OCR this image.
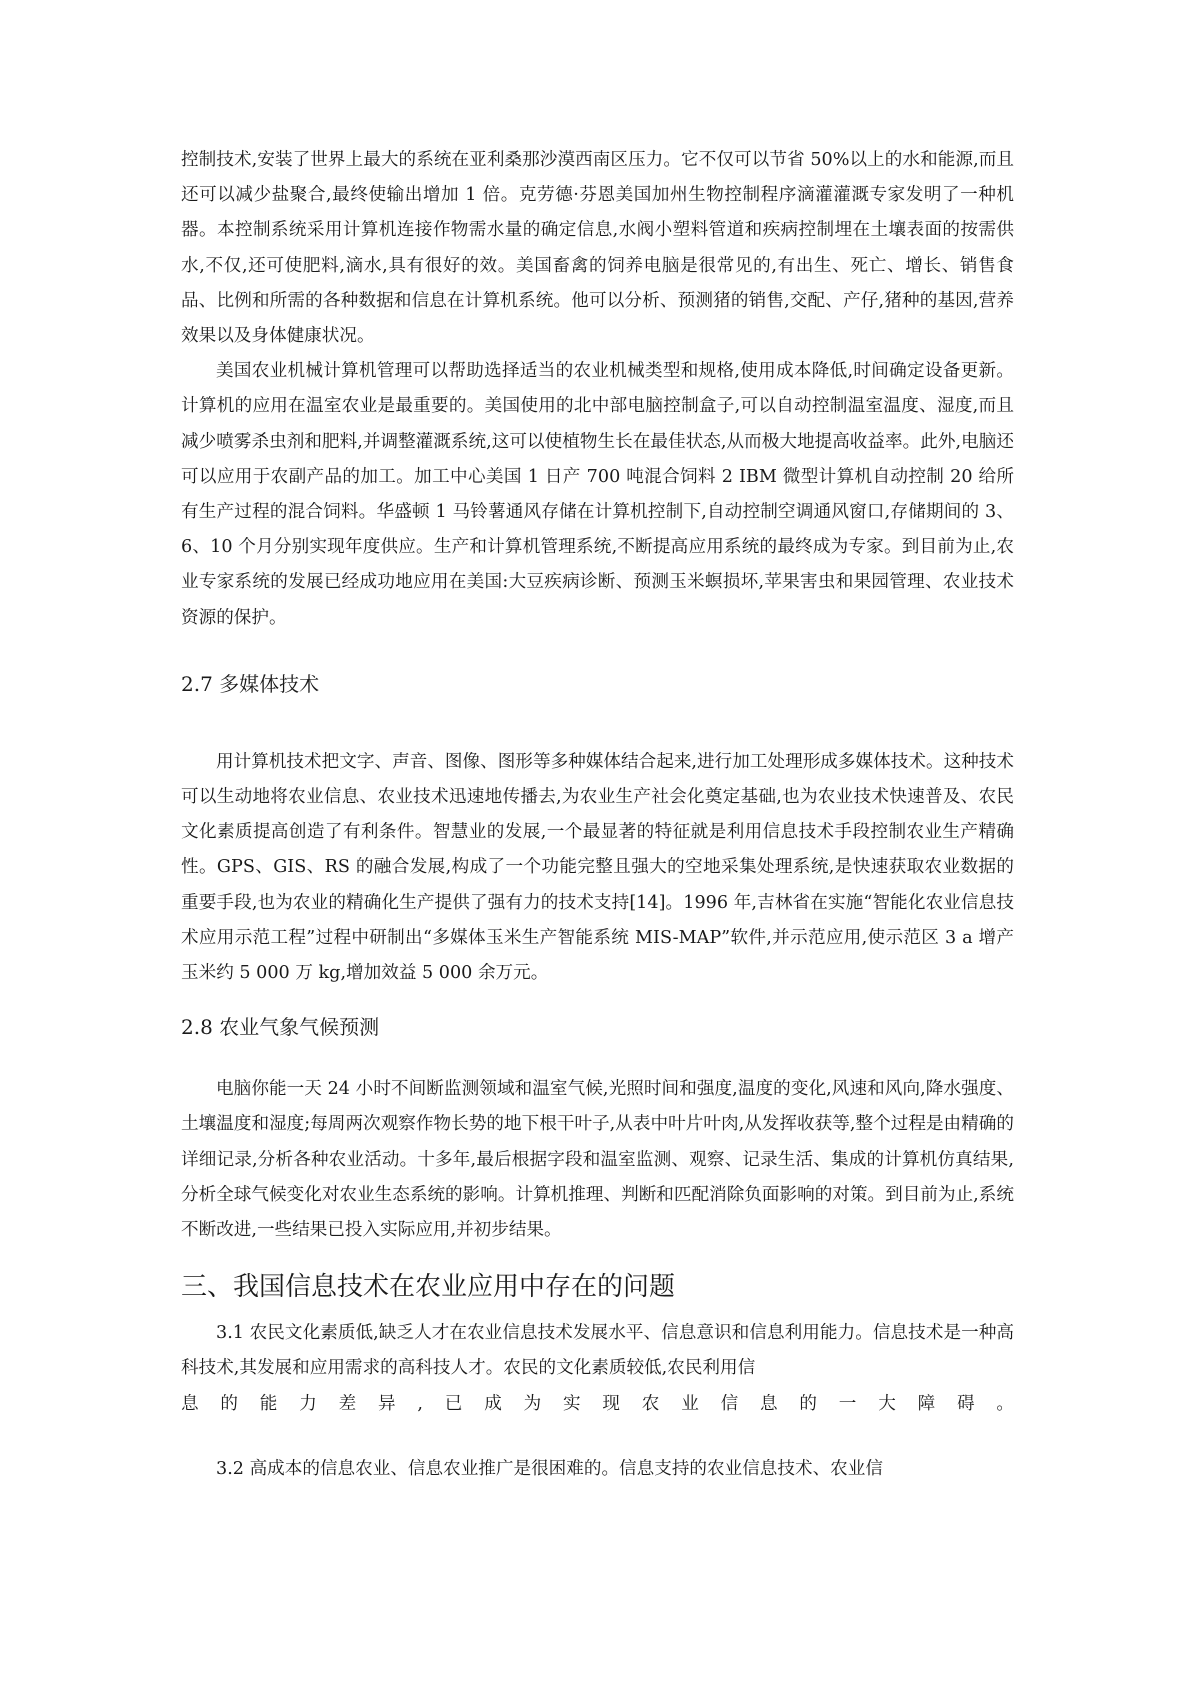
控制技术,安装了世界上最大的系统在亚利桑那沙漠西南区压力。它不仅可以节省 50%以上的水和能源,而且还可以减少盐聚合,最终使输出增加 1 倍。克劳德·芬恩美国加州生物控制程序滴灌灌溉专家发明了一种机器。本控制系统采用计算机连接作物需水量的确定信息,水阀小塑料管道和疾病控制埋在土壤表面的按需供水,不仅,还可使肥料,滴水,具有很好的效。美国畜禽的饲养电脑是很常见的,有出生、死亡、增长、销售食品、比例和所需的各种数据和信息在计算机系统。他可以分析、预测猪的销售,交配、产仔,猪种的基因,营养效果以及身体健康状况。

美国农业机械计算机管理可以帮助选择适当的农业机械类型和规格,使用成本降低,时间确定设备更新。计算机的应用在温室农业是最重要的。美国使用的北中部电脑控制盒子,可以自动控制温室温度、湿度,而且减少喷雾杀虫剂和肥料,并调整灌溉系统,这可以使植物生长在最佳状态,从而极大地提高收益率。此外,电脑还可以应用于农副产品的加工。加工中心美国 1 日产 700 吨混合饲料 2 IBM 微型计算机自动控制 20 给所有生产过程的混合饲料。华盛顿 1 马铃薯通风存储在计算机控制下,自动控制空调通风窗口,存储期间的 3、6、10 个月分别实现年度供应。生产和计算机管理系统,不断提高应用系统的最终成为专家。到目前为止,农业专家系统的发展已经成功地应用在美国:大豆疾病诊断、预测玉米螟损坏,苹果害虫和果园管理、农业技术资源的保护。

2.7 多媒体技术

用计算机技术把文字、声音、图像、图形等多种媒体结合起来,进行加工处理形成多媒体技术。这种技术可以生动地将农业信息、农业技术迅速地传播去,为农业生产社会化奠定基础,也为农业技术快速普及、农民文化素质提高创造了有利条件。智慧业的发展,一个最显著的特征就是利用信息技术手段控制农业生产精确性。GPS、GIS、RS 的融合发展,构成了一个功能完整且强大的空地采集处理系统,是快速获取农业数据的重要手段,也为农业的精确化生产提供了强有力的技术支持[14]。1996 年,吉林省在实施“智能化农业信息技术应用示范工程”过程中研制出“多媒体玉米生产智能系统 MIS-MAP”软件,并示范应用,使示范区 3 a 增产玉米约 5 000 万 kg,增加效益 5 000 余万元。

2.8 农业气象气候预测

电脑你能一天 24 小时不间断监测领域和温室气候,光照时间和强度,温度的变化,风速和风向,降水强度、土壤温度和湿度;每周两次观察作物长势的地下根干叶子,从表中叶片叶肉,从发挥收获等,整个过程是由精确的详细记录,分析各种农业活动。十多年,最后根据字段和温室监测、观察、记录生活、集成的计算机仿真结果,分析全球气候变化对农业生态系统的影响。计算机推理、判断和匹配消除负面影响的对策。到目前为止,系统不断改进,一些结果已投入实际应用,并初步结果。

三、我国信息技术在农业应用中存在的问题

3.1 农民文化素质低,缺乏人才在农业信息技术发展水平、信息意识和信息利用能力。信息技术是一种高科技术,其发展和应用需求的高科技人才。农民的文化素质较低,农民利用信

息的能力差异,已成为实现农业信息的一大障碍。

3.2 高成本的信息农业、信息农业推广是很困难的。信息支持的农业信息技术、农业信
